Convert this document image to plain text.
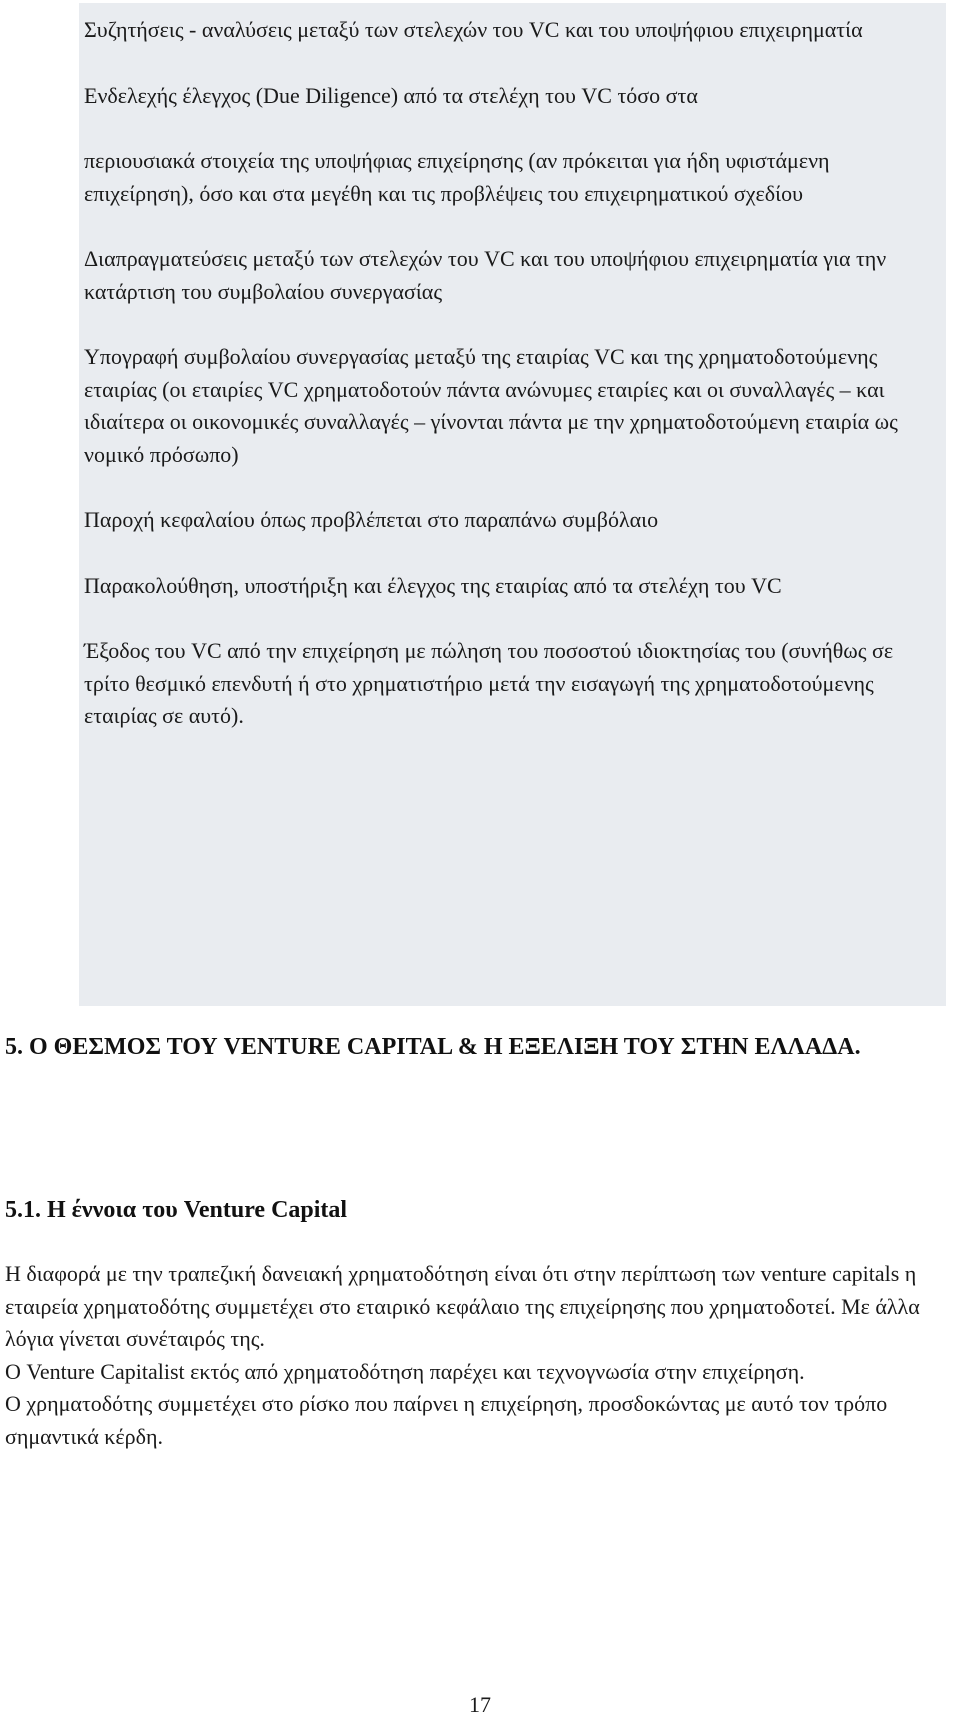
Συζητήσεις - αναλύσεις μεταξύ των στελεχών του VC και του υποψήφιου επιχειρηματία

Ενδελεχής έλεγχος (Due Diligence) από τα στελέχη του VC τόσο στα

περιουσιακά στοιχεία της υποψήφιας επιχείρησης (αν πρόκειται για ήδη υφιστάμενη επιχείρηση), όσο και στα μεγέθη και τις προβλέψεις του επιχειρηματικού σχεδίου

Διαπραγματεύσεις μεταξύ των στελεχών του VC και του υποψήφιου επιχειρηματία για την κατάρτιση του συμβολαίου συνεργασίας

Υπογραφή συμβολαίου συνεργασίας μεταξύ της εταιρίας VC και της χρηματοδοτούμενης εταιρίας (οι εταιρίες VC χρηματοδοτούν πάντα ανώνυμες εταιρίες και οι συναλλαγές – και ιδιαίτερα οι οικονομικές συναλλαγές – γίνονται πάντα με την χρηματοδοτούμενη εταιρία ως νομικό πρόσωπο)

Παροχή κεφαλαίου όπως προβλέπεται στο παραπάνω συμβόλαιο

Παρακολούθηση, υποστήριξη και έλεγχος της εταιρίας από τα στελέχη του VC

Έξοδος του VC από την επιχείρηση με πώληση του ποσοστού ιδιοκτησίας του (συνήθως σε τρίτο θεσμικό επενδυτή ή στο χρηματιστήριο μετά την εισαγωγή της χρηματοδοτούμενης εταιρίας σε αυτό).

5. Ο ΘΕΣΜΟΣ ΤΟΥ VENTURE CAPITAL & Η ΕΞΕΛΙΞΗ ΤΟΥ ΣΤΗΝ ΕΛΛΑΔΑ.
5.1. Η έννοια του Venture Capital

Η διαφορά με την τραπεζική δανειακή χρηματοδότηση είναι ότι στην περίπτωση των venture capitals η εταιρεία χρηματοδότης συμμετέχει στο εταιρικό κεφάλαιο της επιχείρησης που χρηματοδοτεί. Με άλλα λόγια γίνεται συνέταιρός της.

Ο Venture Capitalist εκτός από χρηματοδότηση παρέχει και τεχνογνωσία στην επιχείρηση.

Ο χρηματοδότης συμμετέχει στο ρίσκο που παίρνει η επιχείρηση, προσδοκώντας με αυτό τον τρόπο σημαντικά κέρδη.

17
